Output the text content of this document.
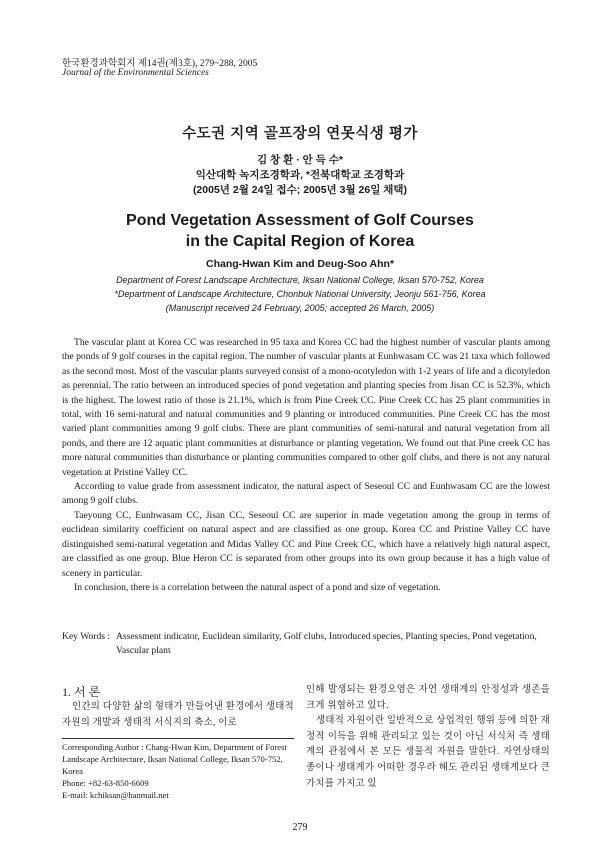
한국환경과학회지 제14권(제3호), 279~288, 2005
Journal of the Environmental Sciences
수도권 지역 골프장의 연못식생 평가
김 창 환 · 안 득 수*
익산대학 녹지조경학과, *전북대학교 조경학과
(2005년 2월 24일 접수; 2005년 3월 26일 채택)
Pond Vegetation Assessment of Golf Courses
in the Capital Region of Korea
Chang-Hwan Kim and Deug-Soo Ahn*
Department of Forest Landscape Architecture, Iksan National College, Iksan 570-752, Korea
*Department of Landscape Architecture, Chonbuk National University, Jeonju 561-756, Korea
(Manuscript received 24 February, 2005; accepted 26 March, 2005)

The vascular plant at Korea CC was researched in 95 taxa and Korea CC had the highest number of vascular plants among the ponds of 9 golf courses in the capital region. The number of vascular plants at Eunhwasam CC was 21 taxa which followed as the second most. Most of the vascular plants surveyed consist of a mono-ocotyledon with 1-2 years of life and a dicotyledon as perennial. The ratio between an introduced species of pond vegetation and planting species from Jisan CC is 52.3%, which is the highest. The lowest ratio of those is 21.1%, which is from Pine Creek CC. Pine Creek CC has 25 plant communities in total, with 16 semi-natural and natural communities and 9 planting or introduced communities. Pine Creek CC has the most varied plant communities among 9 golf clubs. There are plant communities of semi-natural and natural vegetation from all ponds, and there are 12 aquatic plant communities at disturbance or planting vegetation. We found out that Pine creek CC has more natural communities than disturbance or planting communities compared to other golf clubs, and there is not any natural vegetation at Pristine Valley CC.

According to value grade from assessment indicator, the natural aspect of Seseoul CC and Eunhwasam CC are the lowest among 9 golf clubs.

Taeyoung CC, Eunhwasam CC, Jisan CC, Seseoul CC are superior in made vegetation among the group in terms of euclidean similarity coefficient on natural aspect and are classified as one group. Korea CC and Pristine Valley CC have distinguished semi-natural vegetation and Midas Valley CC and Pine Creek CC, which have a relatively high natural aspect, are classified as one group. Blue Heron CC is separated from other groups into its own group because it has a high value of scenery in particular.

In conclusion, there is a correlation between the natural aspect of a pond and size of vegetation.

Key Words : Assessment indicator, Euclidean similarity, Golf clubs, Introduced species, Planting species, Pond vegetation, Vascular plant
1. 서 론

인간의 다양한 삶의 형태가 만들어낸 환경에서 생태적 자원의 개발과 생태적 서식지의 축소, 이로

Corresponding Author : Chang-Hwan Kim, Department of Forest Landscape Architecture, Iksan National College, Iksan 570-752, Korea
Phone: +82-63-850-6609
E-mail: kchiksan@hanmail.net

인해 발생되는 환경오염은 자연 생태계의 안정성과 생존을 크게 위협하고 있다.

생태적 자원이란 일반적으로 상업적인 행위 등에 의한 재정적 이득을 위해 관리되고 있는 것이 아닌 서식처 즉 생태계의 관점에서 본 모든 생물적 자원을 말한다. 자연상태의 종이나 생태계가 어떠한 경우라 해도 관리된 생태계보다 큰 가치를 가지고 있

279
